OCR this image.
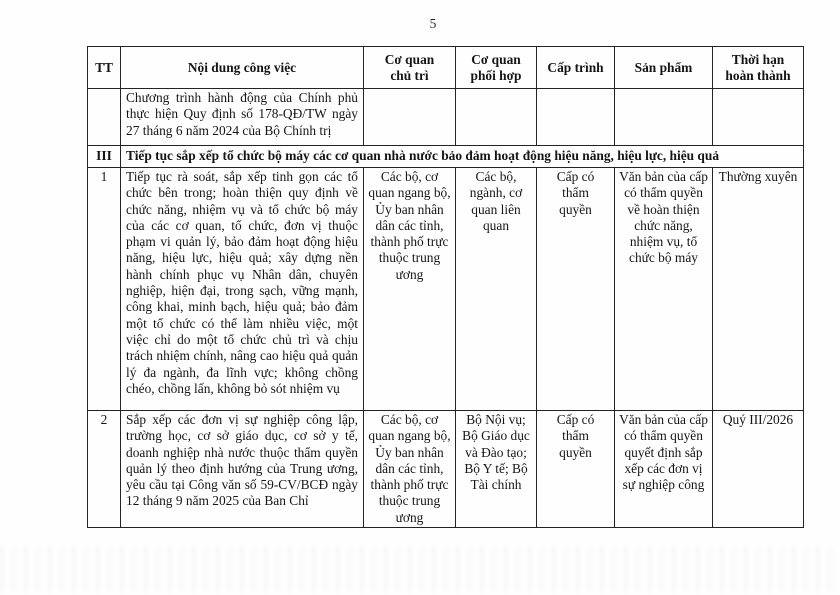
5
TT	Nội dung công việc	Cơ quan chủ trì	Cơ quan phối hợp	Cấp trình	Sản phẩm	Thời hạn hoàn thành
	Chương trình hành động của Chính phủ thực hiện Quy định số 178-QĐ/TW ngày 27 tháng 6 năm 2024 của Bộ Chính trị					
III	Tiếp tục sắp xếp tổ chức bộ máy các cơ quan nhà nước bảo đảm hoạt động hiệu năng, hiệu lực, hiệu quả					
1	Tiếp tục rà soát, sắp xếp tinh gọn các tổ chức bên trong; hoàn thiện quy định về chức năng, nhiệm vụ và tổ chức bộ máy của các cơ quan, tổ chức, đơn vị thuộc phạm vi quản lý, bảo đảm hoạt động hiệu năng, hiệu lực, hiệu quả; xây dựng nền hành chính phục vụ Nhân dân, chuyên nghiệp, hiện đại, trong sạch, vững mạnh, công khai, minh bạch, hiệu quả; bảo đảm một tổ chức có thể làm nhiều việc, một việc chỉ do một tổ chức chủ trì và chịu trách nhiệm chính, nâng cao hiệu quả quản lý đa ngành, đa lĩnh vực; không chồng chéo, chồng lấn, không bỏ sót nhiệm vụ	Các bộ, cơ quan ngang bộ, Ủy ban nhân dân các tỉnh, thành phố trực thuộc trung ương	Các bộ, ngành, cơ quan liên quan	Cấp có thẩm quyền	Văn bản của cấp có thẩm quyền về hoàn thiện chức năng, nhiệm vụ, tổ chức bộ máy	Thường xuyên
2	Sắp xếp các đơn vị sự nghiệp công lập, trường học, cơ sở giáo dục, cơ sở y tế, doanh nghiệp nhà nước thuộc thẩm quyền quản lý theo định hướng của Trung ương, yêu cầu tại Công văn số 59-CV/BCĐ ngày 12 tháng 9 năm 2025 của Ban Chỉ	Các bộ, cơ quan ngang bộ, Ủy ban nhân dân các tỉnh, thành phố trực thuộc trung ương	Bộ Nội vụ; Bộ Giáo dục và Đào tạo; Bộ Y tế; Bộ Tài chính	Cấp có thẩm quyền	Văn bản của cấp có thẩm quyền quyết định sắp xếp các đơn vị sự nghiệp công	Quý III/2026
